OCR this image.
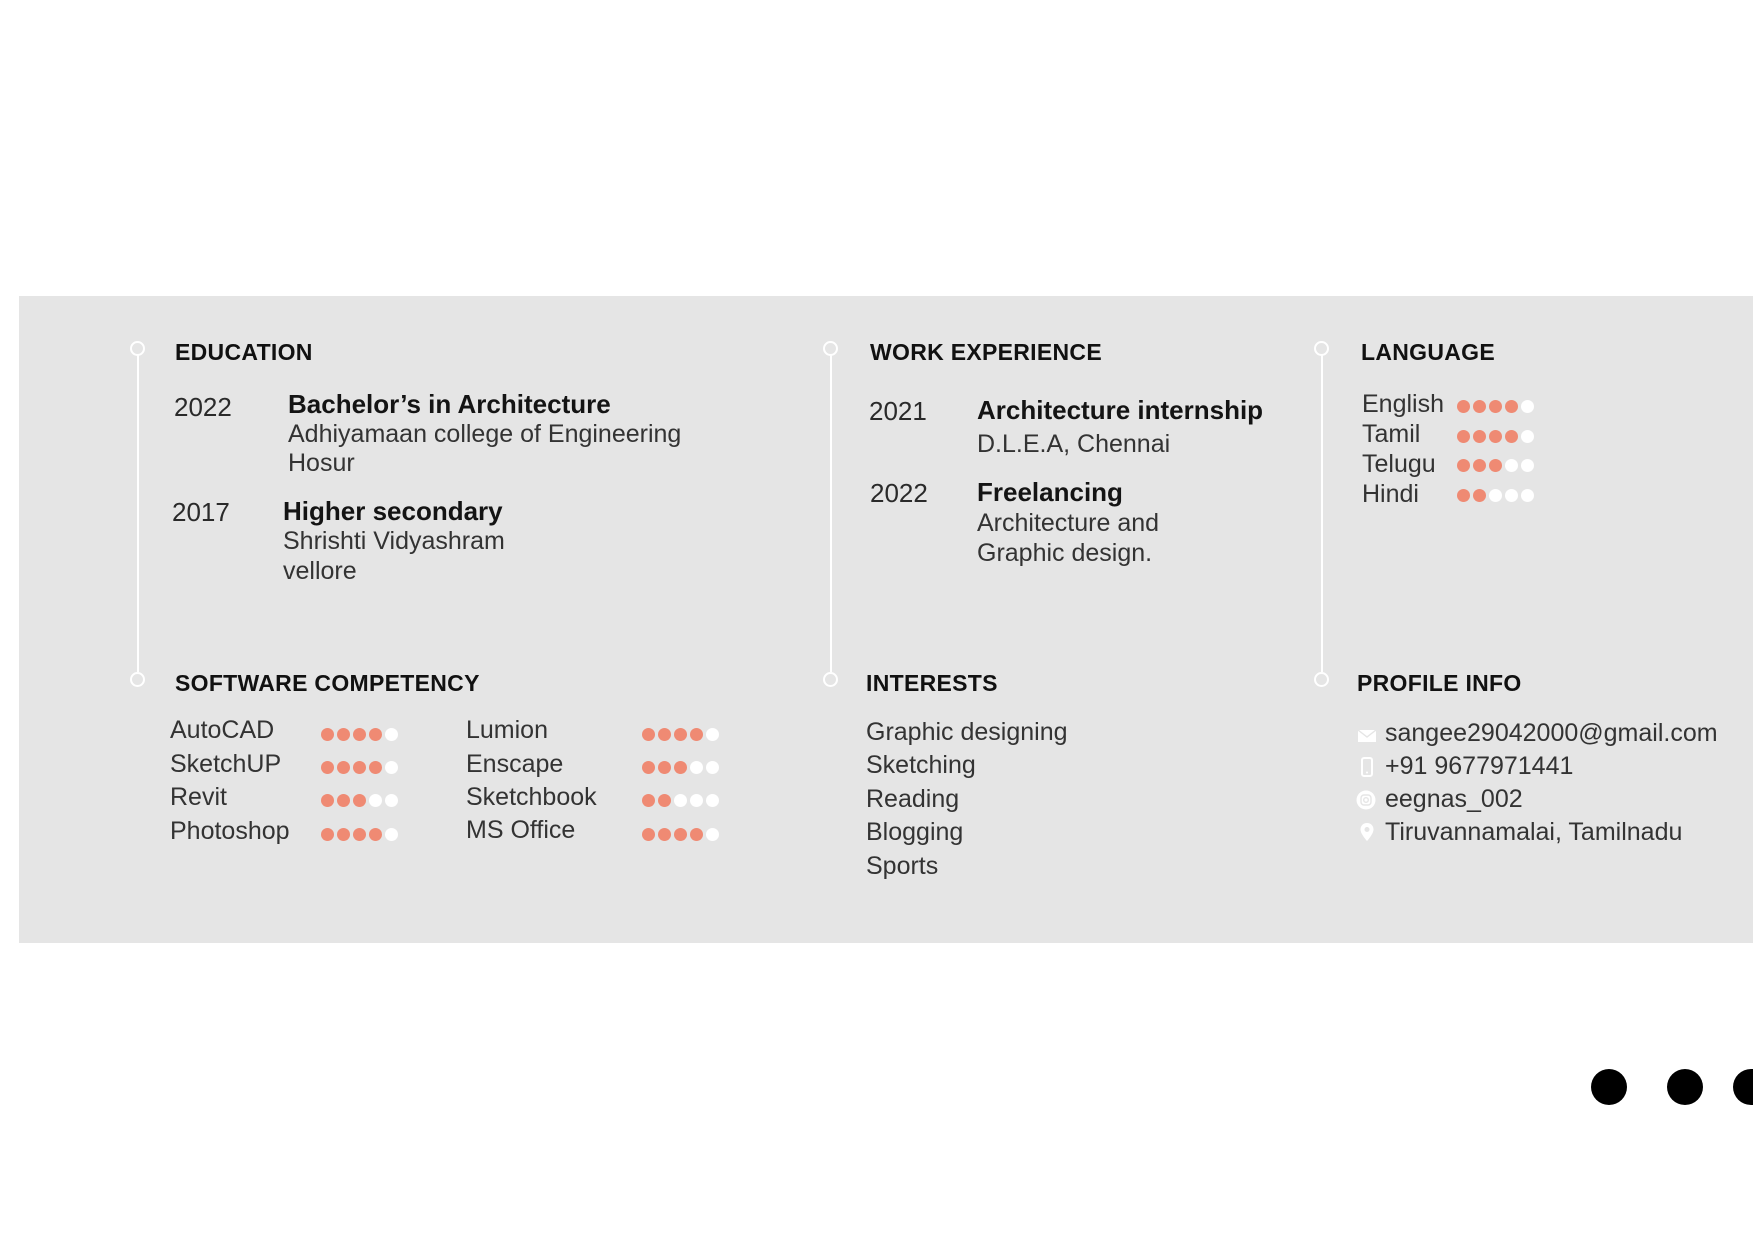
EDUCATION
2022 Bachelor’s in Architecture
Adhiyamaan college of Engineering
Hosur
2017 Higher secondary
Shrishti Vidyashram
vellore
WORK EXPERIENCE
2021 Architecture internship
D.L.E.A, Chennai
2022 Freelancing
Architecture and
Graphic design.
LANGUAGE
English
Tamil
Telugu
Hindi
SOFTWARE COMPETENCY
AutoCAD
SketchUP
Revit
Photoshop
Lumion
Enscape
Sketchbook
MS Office
INTERESTS
Graphic designing
Sketching
Reading
Blogging
Sports
PROFILE INFO
sangee29042000@gmail.com
+91 9677971441
eegnas_002
Tiruvannamalai, Tamilnadu
